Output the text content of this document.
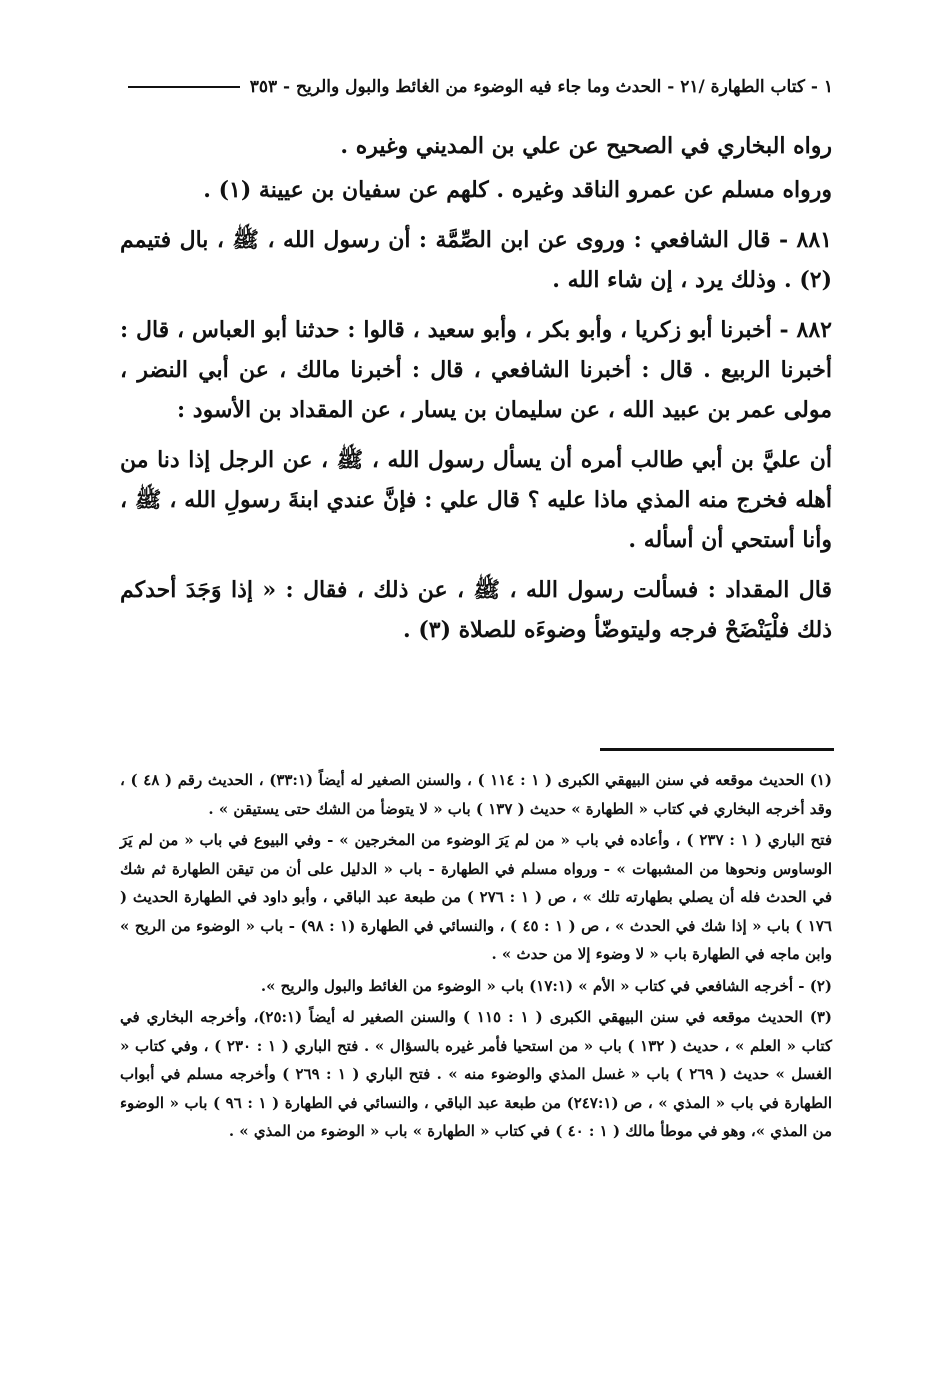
١ - كتاب الطهارة /٢١ - الحدث وما جاء فيه الوضوء من الغائط والبول والريح - ٣٥٣

رواه البخاري في الصحيح عن علي بن المديني وغيره .

ورواه مسلم عن عمرو الناقد وغيره . كلهم عن سفيان بن عيينة (١) .

٨٨١ - قال الشافعي : وروى عن ابن الصِّمَّة : أن رسول الله ، ﷺ ، بال فتيمم (٢) . وذلك يرد ، إن شاء الله .

٨٨٢ - أخبرنا أبو زكريا ، وأبو بكر ، وأبو سعيد ، قالوا : حدثنا أبو العباس ، قال : أخبرنا الربيع . قال : أخبرنا الشافعي ، قال : أخبرنا مالك ، عن أبي النضر ، مولى عمر بن عبيد الله ، عن سليمان بن يسار ، عن المقداد بن الأسود :

أن عليَّ بن أبي طالب أمره أن يسأل رسول الله ، ﷺ ، عن الرجل إذا دنا من أهله فخرج منه المذي ماذا عليه ؟ قال علي : فإنَّ عندي ابنةَ رسولِ الله ، ﷺ ، وأنا أستحي أن أسأله .

قال المقداد : فسألت رسول الله ، ﷺ ، عن ذلك ، فقال : « إذا وَجَدَ أحدكم ذلك فلْيَنْضَحْ فرجه وليتوضّأ وضوءَه للصلاة (٣) .

(١) الحديث موقعه في سنن البيهقي الكبرى ( ١ : ١١٤ ) ، والسنن الصغير له أيضاً (٣٣:١) ، الحديث رقم ( ٤٨ ) ، وقد أخرجه البخاري في كتاب « الطهارة » حديث ( ١٣٧ ) باب « لا يتوضأ من الشك حتى يستيقن » .

فتح الباري ( ١ : ٢٣٧ ) ، وأعاده في باب « من لم يَرَ الوضوء من المخرجين » - وفي البيوع في باب « من لم يَرَ الوساوس ونحوها من المشبهات » - ورواه مسلم في الطهارة - باب « الدليل على أن من تيقن الطهارة ثم شك في الحدث فله أن يصلي بطهارته تلك » ، ص ( ١ : ٢٧٦ ) من طبعة عبد الباقي ، وأبو داود في الطهارة الحديث ( ١٧٦ ) باب « إذا شك في الحدث » ، ص ( ١ : ٤٥ ) ، والنسائي في الطهارة (١ : ٩٨) - باب « الوضوء من الريح » وابن ماجه في الطهارة باب « لا وضوء إلا من حدث » .

(٢) - أخرجه الشافعي في كتاب « الأم » (١٧:١) باب « الوضوء من الغائط والبول والريح ».

(٣) الحديث موقعه في سنن البيهقي الكبرى ( ١ : ١١٥ ) والسنن الصغير له أيضاً (٢٥:١)، وأخرجه البخاري في كتاب « العلم » ، حديث ( ١٣٢ ) باب « من استحيا فأمر غيره بالسؤال » . فتح الباري ( ١ : ٢٣٠ ) ، وفي كتاب « الغسل » حديث ( ٢٦٩ ) باب « غسل المذي والوضوء منه » . فتح الباري ( ١ : ٢٦٩ ) وأخرجه مسلم في أبواب الطهارة في باب « المذي » ، ص (٢٤٧:١) من طبعة عبد الباقي ، والنسائي في الطهارة ( ١ : ٩٦ ) باب « الوضوء من المذي »، وهو في موطأ مالك ( ١ : ٤٠ ) في كتاب « الطهارة » باب « الوضوء من المذي » .
